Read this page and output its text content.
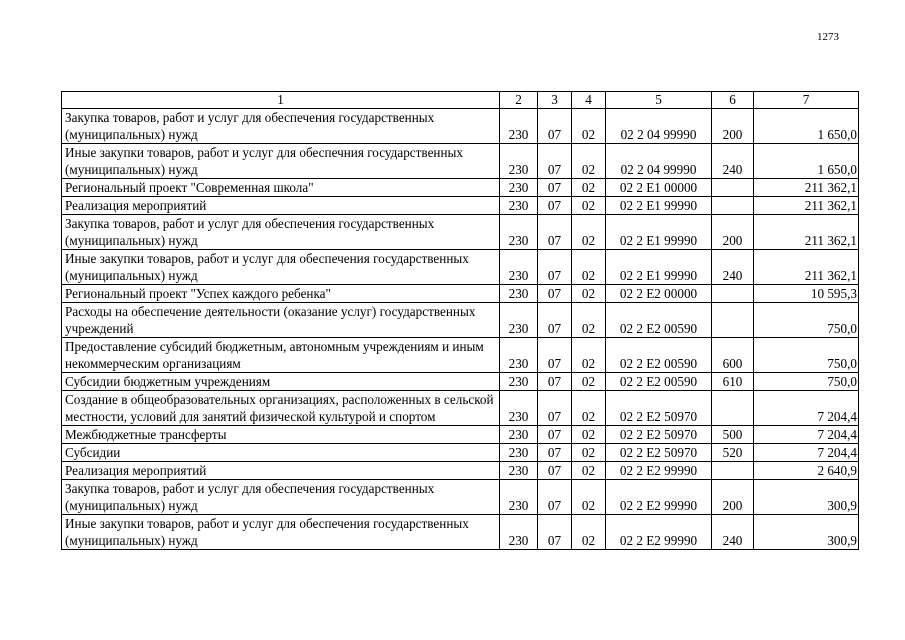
1273
1	2	3	4	5	6	7
Закупка товаров, работ и услуг для обеспечения государственных (муниципальных) нужд	230	07	02	02 2 04 99990	200	1 650,0
Иные закупки товаров, работ и услуг для обеспечния государственных (муниципальных) нужд	230	07	02	02 2 04 99990	240	1 650,0
Региональный проект "Современная школа"	230	07	02	02 2 E1 00000		211 362,1
Реализация мероприятий	230	07	02	02 2 E1 99990		211 362,1
Закупка товаров, работ и услуг для обеспечения государственных (муниципальных) нужд	230	07	02	02 2 E1 99990	200	211 362,1
Иные закупки товаров, работ и услуг для обеспечения государственных (муниципальных) нужд	230	07	02	02 2 E1 99990	240	211 362,1
Региональный проект "Успех каждого ребенка"	230	07	02	02 2 E2 00000		10 595,3
Расходы на обеспечение деятельности (оказание услуг) государственных учреждений	230	07	02	02 2 E2 00590		750,0
Предоставление субсидий бюджетным, автономным учреждениям и иным некоммерческим организациям	230	07	02	02 2 E2 00590	600	750,0
Субсидии бюджетным учреждениям	230	07	02	02 2 E2 00590	610	750,0
Создание в общеобразовательных организациях, расположенных в сельской местности, условий для занятий физической культурой и спортом	230	07	02	02 2 E2 50970		7 204,4
Межбюджетные трансферты	230	07	02	02 2 E2 50970	500	7 204,4
Субсидии	230	07	02	02 2 E2 50970	520	7 204,4
Реализация мероприятий	230	07	02	02 2 E2 99990		2 640,9
Закупка товаров, работ и услуг для обеспечения государственных (муниципальных) нужд	230	07	02	02 2 E2 99990	200	300,9
Иные закупки товаров, работ и услуг для обеспечения государственных (муниципальных) нужд	230	07	02	02 2 E2 99990	240	300,9
